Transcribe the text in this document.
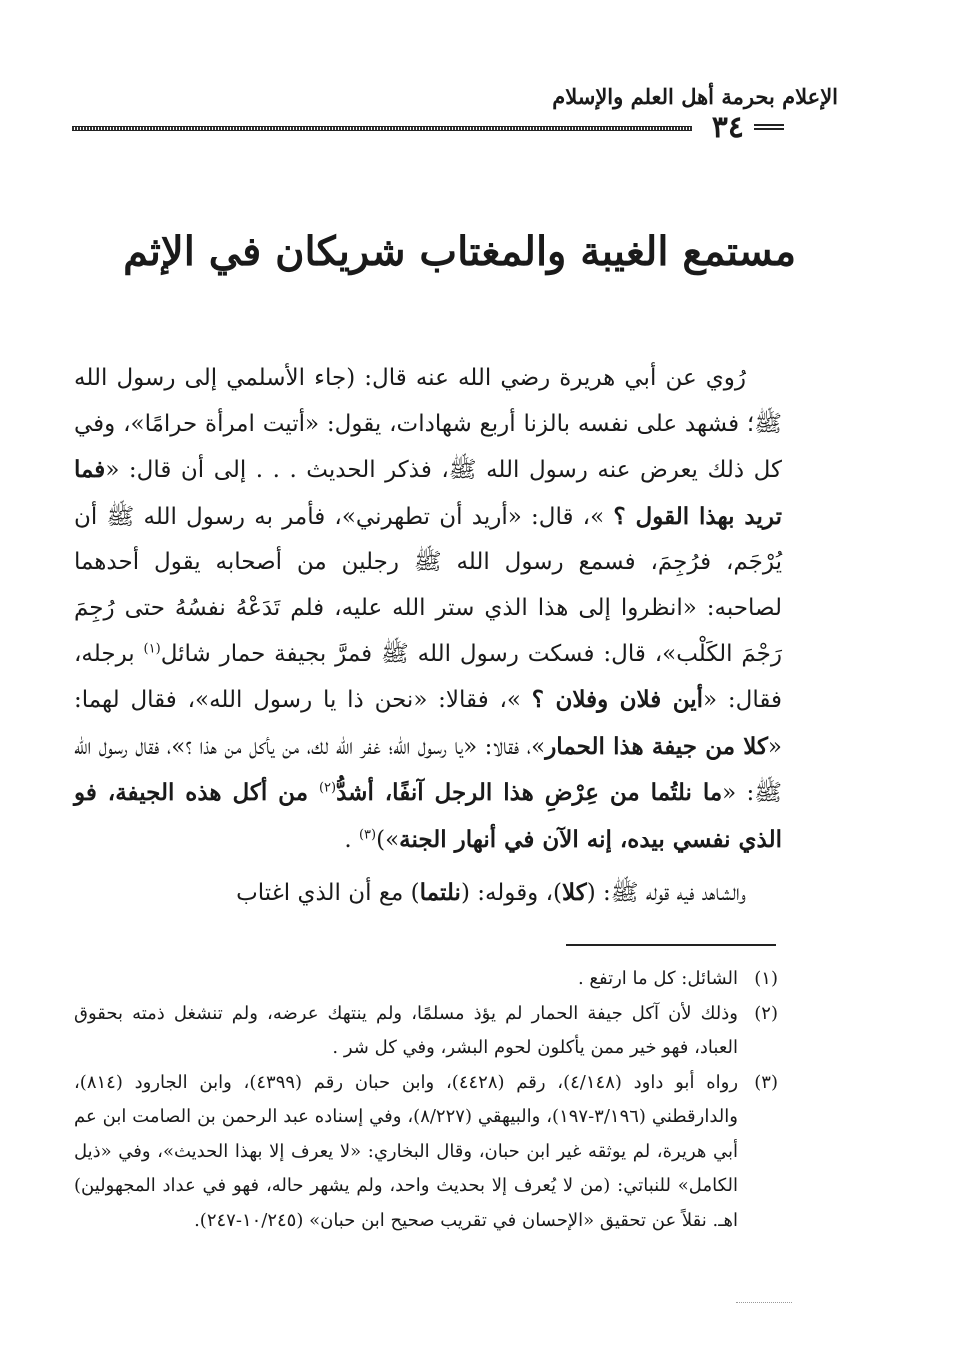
الإعلام بحرمة أهل العلم والإسلام
٣٤
مستمع الغيبة والمغتاب شريكان في الإثم

رُوي عن أبي هريرة رضي الله عنه قال: (جاء الأسلمي إلى رسول الله ﷺ؛ فشهد على نفسه بالزنا أربع شهادات، يقول: «أتيت امرأة حرامًا»، وفي كل ذلك يعرض عنه رسول الله ﷺ، فذكر الحديث . . . إلى أن قال: «فما تريد بهذا القول ؟ »، قال: «أريد أن تطهرني»، فأمر به رسول الله ﷺ أن يُرْجَم، فرُجِمَ، فسمع رسول الله ﷺ رجلين من أصحابه يقول أحدهما لصاحبه: «انظروا إلى هذا الذي ستر الله عليه، فلم تَدَعْهُ نفسُهُ حتى رُجِمَ رَجْمَ الكَلْب»، قال: فسكت رسول الله ﷺ فمرَّ بجيفة حمار شائل$^{(١)}$ برجله، فقال: «أين فلان وفلان ؟ »، فقالا: «نحن ذا يا رسول الله»، فقال لهما: «كلا من جيفة هذا الحمار»، فقالا: «يا رسول الله؛ غفر الله لك، من يأكل من هذا ؟»، فقال رسول الله ﷺ: «ما نلتُما من عِرْضِ هذا الرجل آنفًا، أشدُّ$^{(٢)}$ من أكل هذه الجيفة، فو الذي نفسي بيده، إنه الآن في أنهار الجنة»)$^{(٣)}$ .

والشاهد فيه قوله ﷺ: (كلا)، وقوله: (نلتما) مع أن الذي اغتاب

(١)
الشائل: كل ما ارتفع .
(٢)
وذلك لأن آكل جيفة الحمار لم يؤذ مسلمًا، ولم ينتهك عرضه، ولم تنشغل ذمته بحقوق العباد، فهو خير ممن يأكلون لحوم البشر، وفي كل شر .
(٣)
رواه أبو داود (٤/١٤٨)، رقم (٤٤٢٨)، وابن حبان رقم (٤٣٩٩)، وابن الجارود (٨١٤)، والدارقطني (٣/١٩٦-١٩٧)، والبيهقي (٨/٢٢٧)، وفي إسناده عبد الرحمن بن الصامت ابن عم أبي هريرة، لم يوثقه غير ابن حبان، وقال البخاري: «لا يعرف إلا بهذا الحديث»، وفي «ذيل الكامل» للنباتي: (من لا يُعرف إلا بحديث واحد، ولم يشهر حاله، فهو في عداد المجهولين) اهـ. نقلاً عن تحقيق «الإحسان في تقريب صحيح ابن حبان» (١٠/٢٤٥-٢٤٧).
